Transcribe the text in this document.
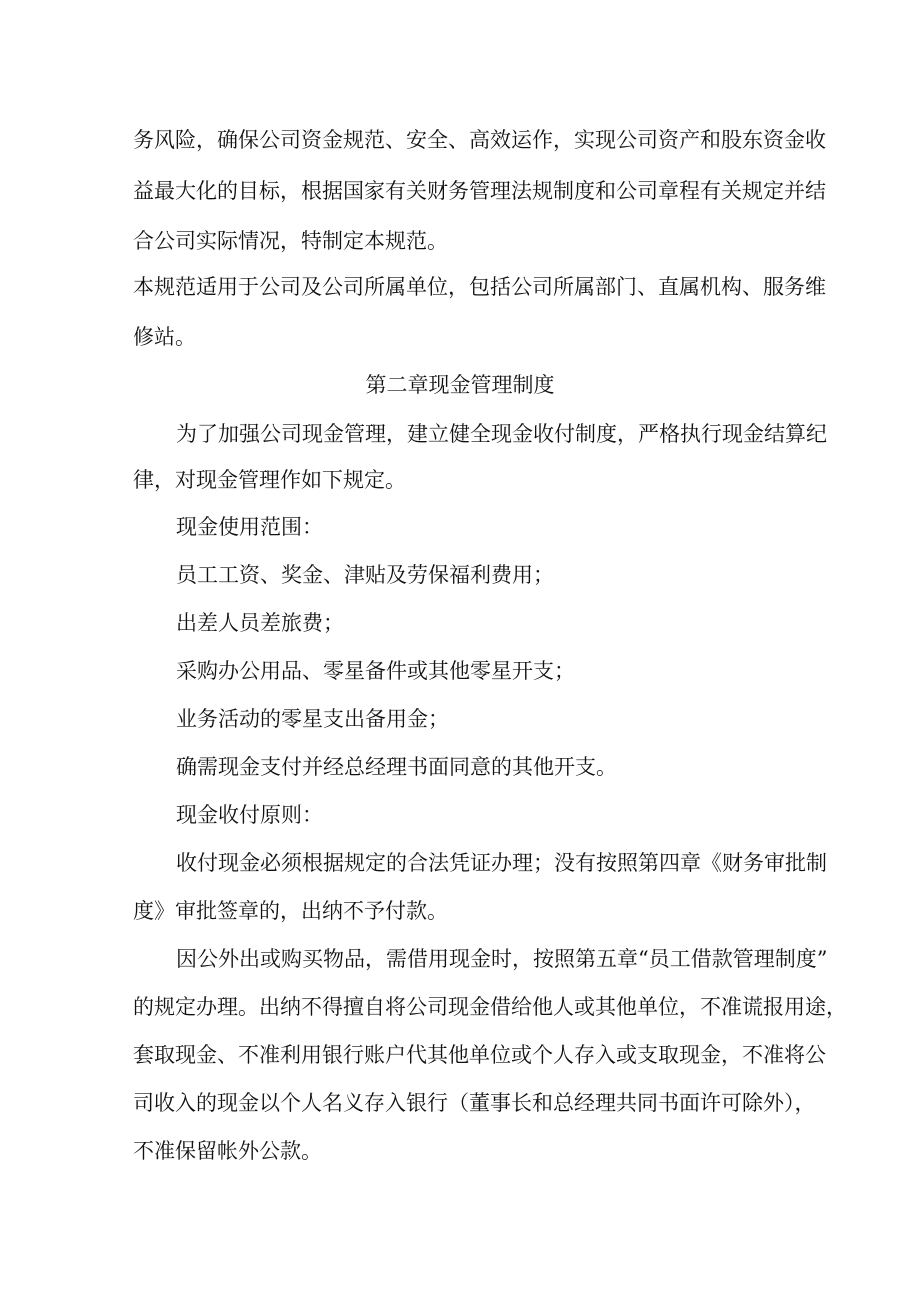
务风险，确保公司资金规范、安全、高效运作，实现公司资产和股东资金收
益最大化的目标，根据国家有关财务管理法规制度和公司章程有关规定并结
合公司实际情况，特制定本规范。
本规范适用于公司及公司所属单位，包括公司所属部门、直属机构、服务维
修站。
第二章现金管理制度
为了加强公司现金管理，建立健全现金收付制度，严格执行现金结算纪
律，对现金管理作如下规定。
现金使用范围：
员工工资、奖金、津贴及劳保福利费用；
出差人员差旅费；
采购办公用品、零星备件或其他零星开支；
业务活动的零星支出备用金；
确需现金支付并经总经理书面同意的其他开支。
现金收付原则：
收付现金必须根据规定的合法凭证办理；没有按照第四章《财务审批制
度》审批签章的，出纳不予付款。
因公外出或购买物品，需借用现金时，按照第五章“员工借款管理制度”
的规定办理。出纳不得擅自将公司现金借给他人或其他单位，不准谎报用途，
套取现金、不准利用银行账户代其他单位或个人存入或支取现金，不准将公
司收入的现金以个人名义存入银行（董事长和总经理共同书面许可除外），
不准保留帐外公款。
